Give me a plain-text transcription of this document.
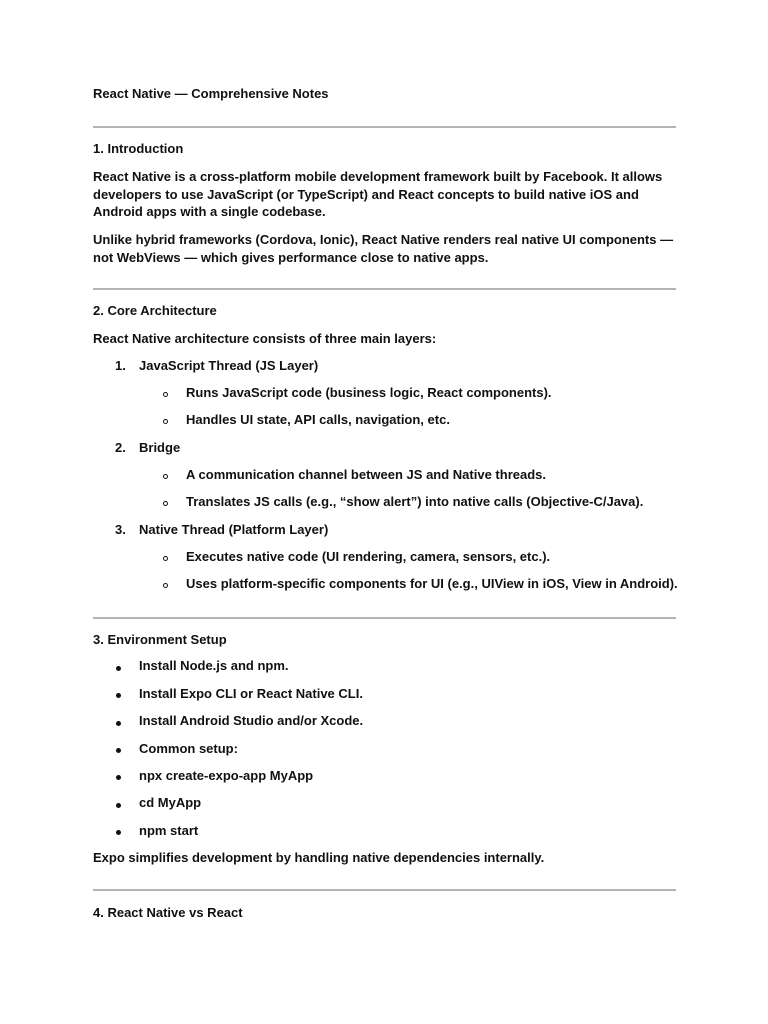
React Native — Comprehensive Notes
1. Introduction
React Native is a cross-platform mobile development framework built by Facebook. It allows developers to use JavaScript (or TypeScript) and React concepts to build native iOS and Android apps with a single codebase.
Unlike hybrid frameworks (Cordova, Ionic), React Native renders real native UI components — not WebViews — which gives performance close to native apps.
2. Core Architecture
React Native architecture consists of three main layers:
1. JavaScript Thread (JS Layer)
Runs JavaScript code (business logic, React components).
Handles UI state, API calls, navigation, etc.
2. Bridge
A communication channel between JS and Native threads.
Translates JS calls (e.g., “show alert”) into native calls (Objective-C/Java).
3. Native Thread (Platform Layer)
Executes native code (UI rendering, camera, sensors, etc.).
Uses platform-specific components for UI (e.g., UIView in iOS, View in Android).
3. Environment Setup
Install Node.js and npm.
Install Expo CLI or React Native CLI.
Install Android Studio and/or Xcode.
Common setup:
npx create-expo-app MyApp
cd MyApp
npm start
Expo simplifies development by handling native dependencies internally.
4. React Native vs React
